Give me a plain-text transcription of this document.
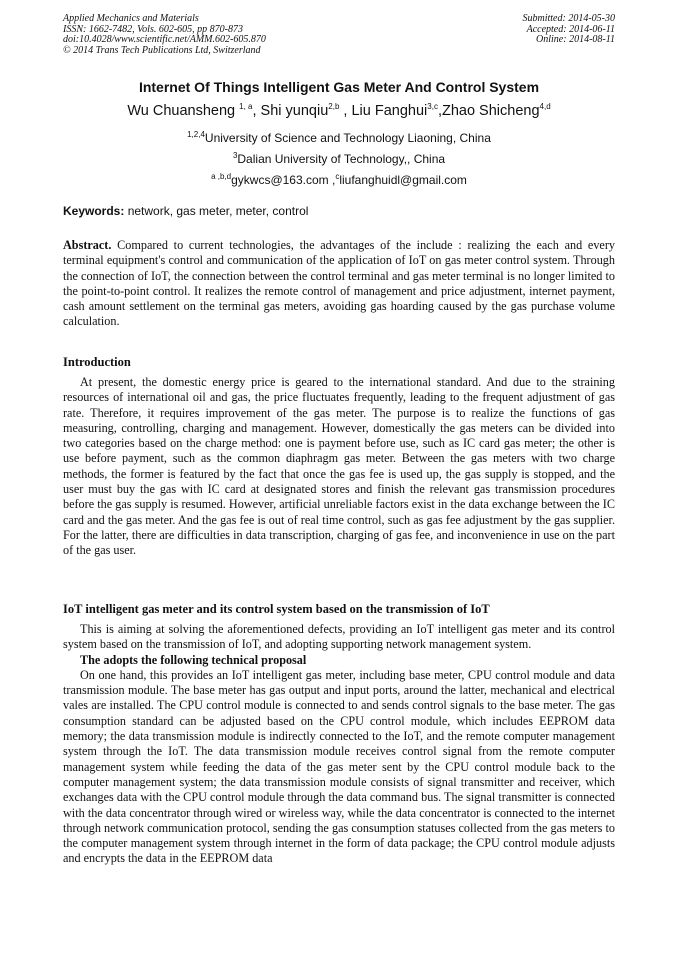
Applied Mechanics and Materials
ISSN: 1662-7482, Vols. 602-605, pp 870-873
doi:10.4028/www.scientific.net/AMM.602-605.870
© 2014 Trans Tech Publications Ltd, Switzerland
Submitted: 2014-05-30
Accepted: 2014-06-11
Online: 2014-08-11
Internet Of Things Intelligent Gas Meter And Control System
Wu Chuansheng $^{1, a}$, Shi yunqiu$^{2,b}$ , Liu Fanghui$^{3,c}$,Zhao Shicheng$^{4,d}$
$^{1,2,4}$University of Science and Technology Liaoning, China
$^3$Dalian University of Technology,, China
$^{a ,b,d}$gykwcs@163.com ,$^c$liufanghuidl@gmail.com
Keywords: network, gas meter, meter, control

Abstract. Compared to current technologies, the advantages of the include : realizing the each and every terminal equipment's control and communication of the application of IoT on gas meter control system. Through the connection of IoT, the connection between the control terminal and gas meter terminal is no longer limited to the point-to-point control. It realizes the remote control of management and price adjustment, internet payment, cash amount settlement on the terminal gas meters, avoiding gas hoarding caused by the gas purchase volume calculation.

Introduction

At present, the domestic energy price is geared to the international standard. And due to the straining resources of international oil and gas, the price fluctuates frequently, leading to the frequent adjustment of gas rate. Therefore, it requires improvement of the gas meter. The purpose is to realize the functions of gas measuring, controlling, charging and management. However, domestically the gas meters can be divided into two categories based on the charge method: one is payment before use, such as IC card gas meter; the other is use before payment, such as the common diaphragm gas meter. Between the gas meters with two charge methods, the former is featured by the fact that once the gas fee is used up, the gas supply is stopped, and the user must buy the gas with IC card at designated stores and finish the relevant gas transmission procedures before the gas supply is resumed. However, artificial unreliable factors exist in the data exchange between the IC card and the gas meter. And the gas fee is out of real time control, such as gas fee adjustment by the gas supplier. For the latter, there are difficulties in data transcription, charging of gas fee, and inconvenience in use on the part of the gas user.

IoT intelligent gas meter and its control system based on the transmission of IoT

This is aiming at solving the aforementioned defects, providing an IoT intelligent gas meter and its control system based on the transmission of IoT, and adopting supporting network management system.

The adopts the following technical proposal

On one hand, this provides an IoT intelligent gas meter, including base meter, CPU control module and data transmission module. The base meter has gas output and input ports, around the latter, mechanical and electrical vales are installed. The CPU control module is connected to and sends control signals to the base meter. The gas consumption standard can be adjusted based on the CPU control module, which includes EEPROM data memory; the data transmission module is indirectly connected to the IoT, and the remote computer management system through the IoT. The data transmission module receives control signal from the remote computer management system while feeding the data of the gas meter sent by the CPU control module back to the computer management system; the data transmission module consists of signal transmitter and receiver, which exchanges data with the CPU control module through the data command bus. The signal transmitter is connected with the data concentrator through wired or wireless way, while the data concentrator is connected to the internet through network communication protocol, sending the gas consumption statuses collected from the gas meters to the computer management system through internet in the form of data package; the CPU control module adjusts and encrypts the data in the EEPROM data
